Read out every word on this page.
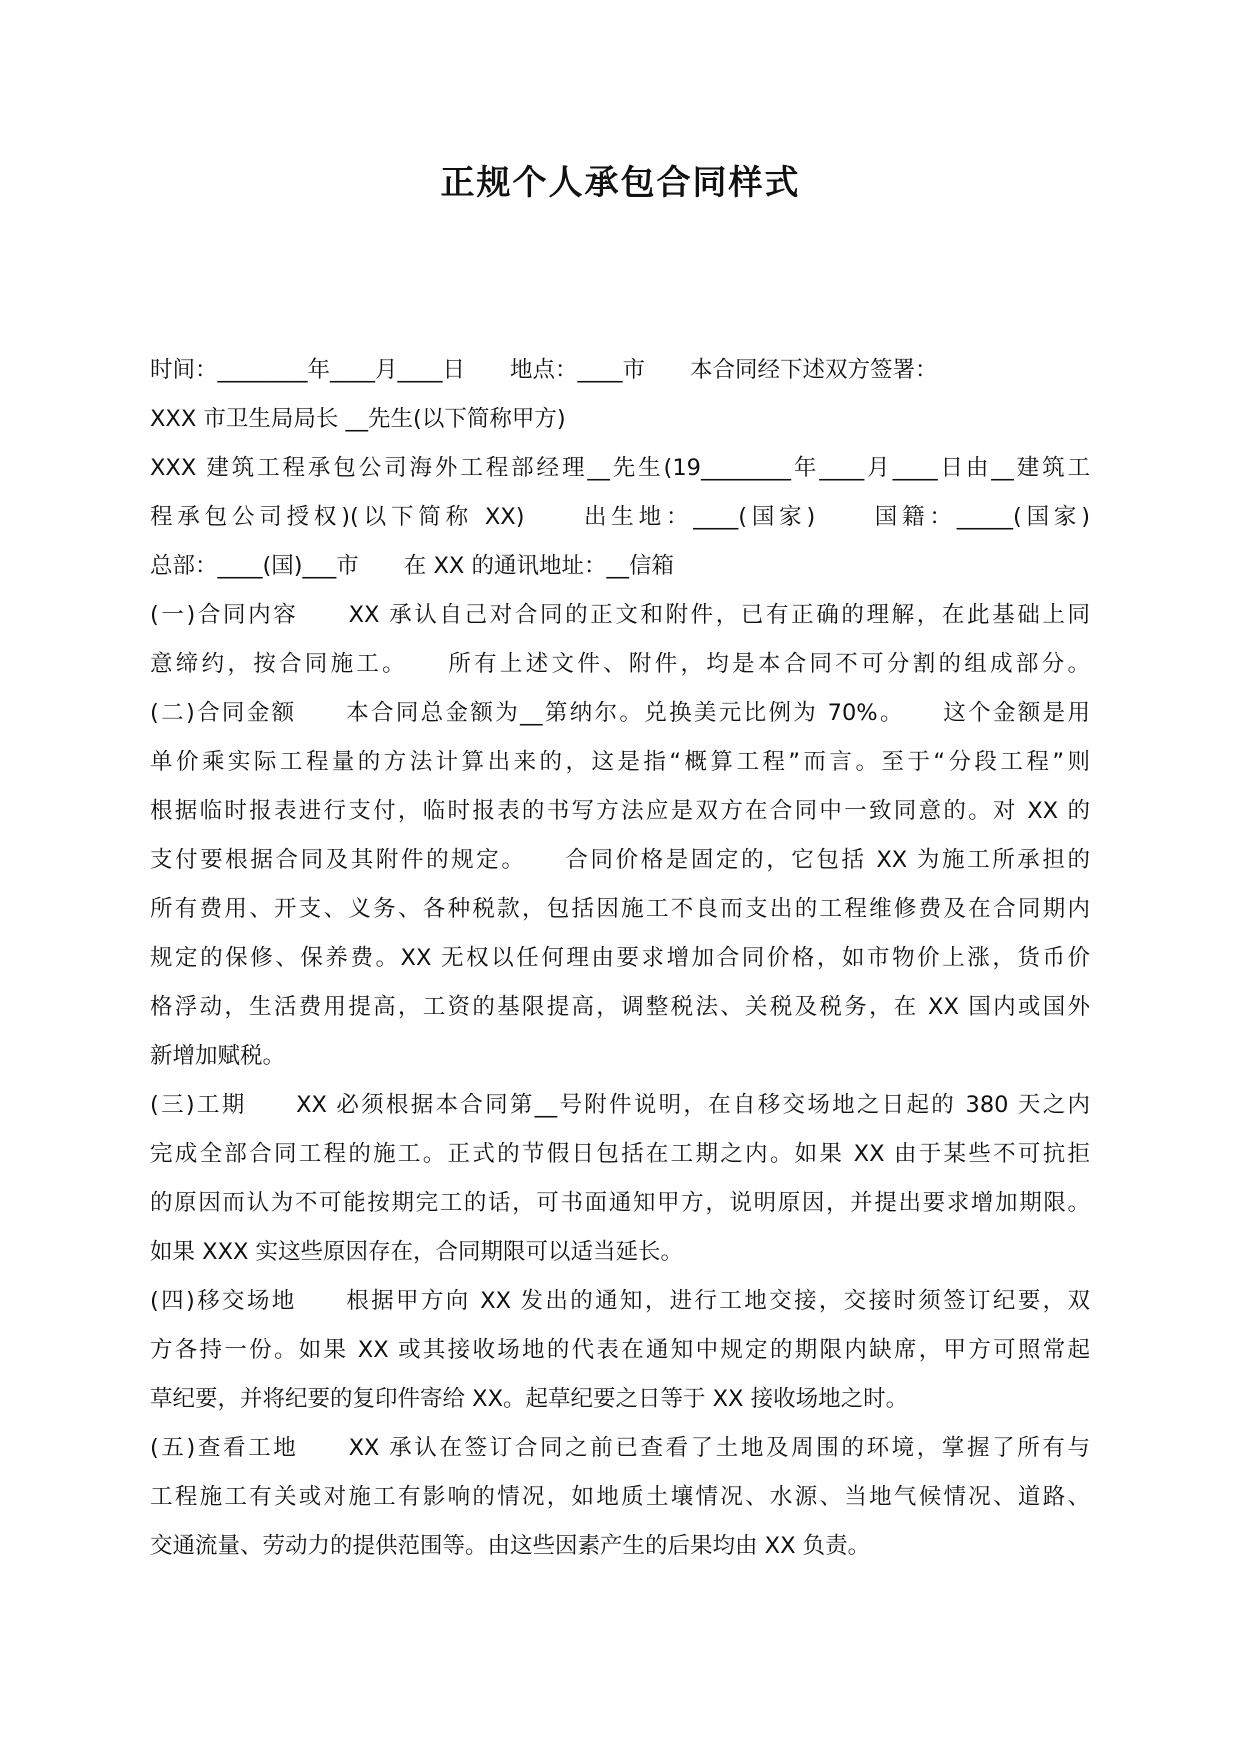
正规个人承包合同样式
时间：________年____月____日　　地点：____市　　本合同经下述双方签署：
XXX 市卫生局局长 __先生(以下简称甲方)
XXX 建筑工程承包公司海外工程部经理__先生(19________年____月____日由__建筑工
程承包公司授权)(以下简称 XX)　　出生地：____(国家)　　国籍：_____(国家)
总部：____(国)___市　　在 XX 的通讯地址：__信箱
(一)合同内容　　XX 承认自己对合同的正文和附件，已有正确的理解，在此基础上同
意缔约，按合同施工。　　所有上述文件、附件，均是本合同不可分割的组成部分。
(二)合同金额　　本合同总金额为__第纳尔。兑换美元比例为 70%。　　这个金额是用
单价乘实际工程量的方法计算出来的，这是指“概算工程”而言。至于“分段工程”则
根据临时报表进行支付，临时报表的书写方法应是双方在合同中一致同意的。对 XX 的
支付要根据合同及其附件的规定。　　合同价格是固定的，它包括 XX 为施工所承担的
所有费用、开支、义务、各种税款，包括因施工不良而支出的工程维修费及在合同期内
规定的保修、保养费。XX 无权以任何理由要求增加合同价格，如市物价上涨，货币价
格浮动，生活费用提高，工资的基限提高，调整税法、关税及税务，在 XX 国内或国外
新增加赋税。
(三)工期　　XX 必须根据本合同第__号附件说明，在自移交场地之日起的 380 天之内
完成全部合同工程的施工。正式的节假日包括在工期之内。如果 XX 由于某些不可抗拒
的原因而认为不可能按期完工的话，可书面通知甲方，说明原因，并提出要求增加期限。
如果 XXX 实这些原因存在，合同期限可以适当延长。
(四)移交场地　　根据甲方向 XX 发出的通知，进行工地交接，交接时须签订纪要，双
方各持一份。如果 XX 或其接收场地的代表在通知中规定的期限内缺席，甲方可照常起
草纪要，并将纪要的复印件寄给 XX。起草纪要之日等于 XX 接收场地之时。
(五)查看工地　　XX 承认在签订合同之前已查看了土地及周围的环境，掌握了所有与
工程施工有关或对施工有影响的情况，如地质土壤情况、水源、当地气候情况、道路、
交通流量、劳动力的提供范围等。由这些因素产生的后果均由 XX 负责。
